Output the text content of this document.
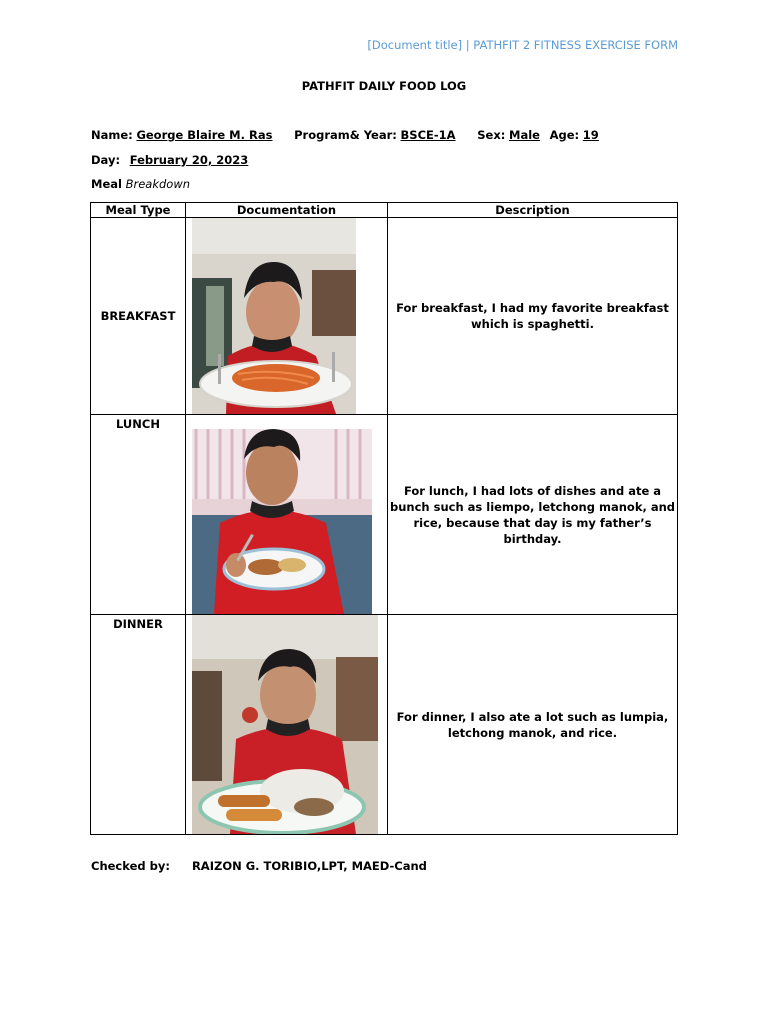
[Document title] | PATHFIT 2 FITNESS EXERCISE FORM
PATHFIT DAILY FOOD LOG
Name: George Blaire M. Ras Program& Year: BSCE-1A Sex: Male Age: 19
Day: February 20, 2023
Meal Breakdown
Meal Type	Documentation	Description
BREAKFAST		For breakfast, I had my favorite breakfast which is spaghetti.
LUNCH		For lunch, I had lots of dishes and ate a bunch such as liempo, letchong manok, and rice, because that day is my father’s birthday.
DINNER		For dinner, I also ate a lot such as lumpia, letchong manok, and rice.
Checked by: RAIZON G. TORIBIO,LPT, MAED-Cand
